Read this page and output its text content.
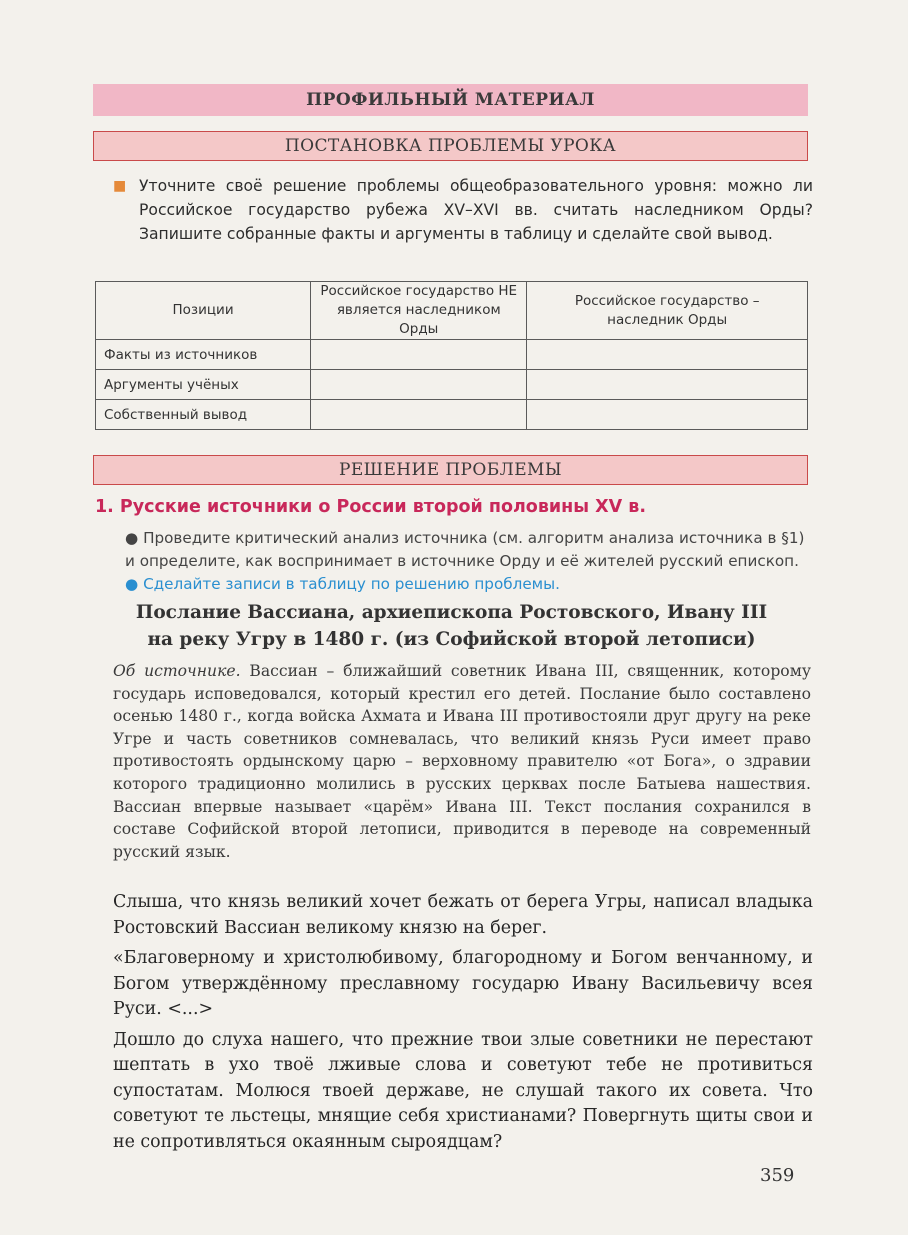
ПРОФИЛЬНЫЙ МАТЕРИАЛ
ПОСТАНОВКА ПРОБЛЕМЫ УРОКА
■ Уточните своё решение проблемы общеобразовательного уровня: можно ли Российское государство рубежа XV–XVI вв. считать наследником Орды? Запишите собранные факты и аргументы в таблицу и сделайте свой вывод.
Позиции	Российское государство НЕ является наследником Орды	Российское государство – наследник Орды
Факты из источников		
Аргументы учёных		
Собственный вывод		
РЕШЕНИЕ ПРОБЛЕМЫ
1. Русские источники о России второй половины XV в.
● Проведите критический анализ источника (см. алгоритм анализа источника в §1) и определите, как воспринимает в источнике Орду и её жителей русский епископ. ● Сделайте записи в таблицу по решению проблемы.
Послание Вассиана, архиепископа Ростовского, Ивану III
на реку Угру в 1480 г. (из Софийской второй летописи)
Об источнике. Вассиан – ближайший советник Ивана III, священник, которому государь исповедовался, который крестил его детей. Послание было составлено осенью 1480 г., когда войска Ахмата и Ивана III противостояли друг другу на реке Угре и часть советников сомневалась, что великий князь Руси имеет право противостоять ордынскому царю – верховному правителю «от Бога», о здравии которого традиционно молились в русских церквах после Батыева нашествия. Вассиан впервые называет «царём» Ивана III. Текст послания сохранился в составе Софийской второй летописи, приводится в переводе на современный русский язык.

Слыша, что князь великий хочет бежать от берега Угры, написал владыка Ростовский Вассиан великому князю на берег.

«Благоверному и христолюбивому, благородному и Богом венчанному, и Богом утверждённому преславному государю Ивану Васильевичу всея Руси. <...>

Дошло до слуха нашего, что прежние твои злые советники не перестают шептать в ухо твоё лживые слова и советуют тебе не противиться супостатам. Молюся твоей державе, не слушай такого их совета. Что советуют те льстецы, мнящие себя христианами? Повергнуть щиты свои и не сопротивляться окаянным сыроядцам?

359
